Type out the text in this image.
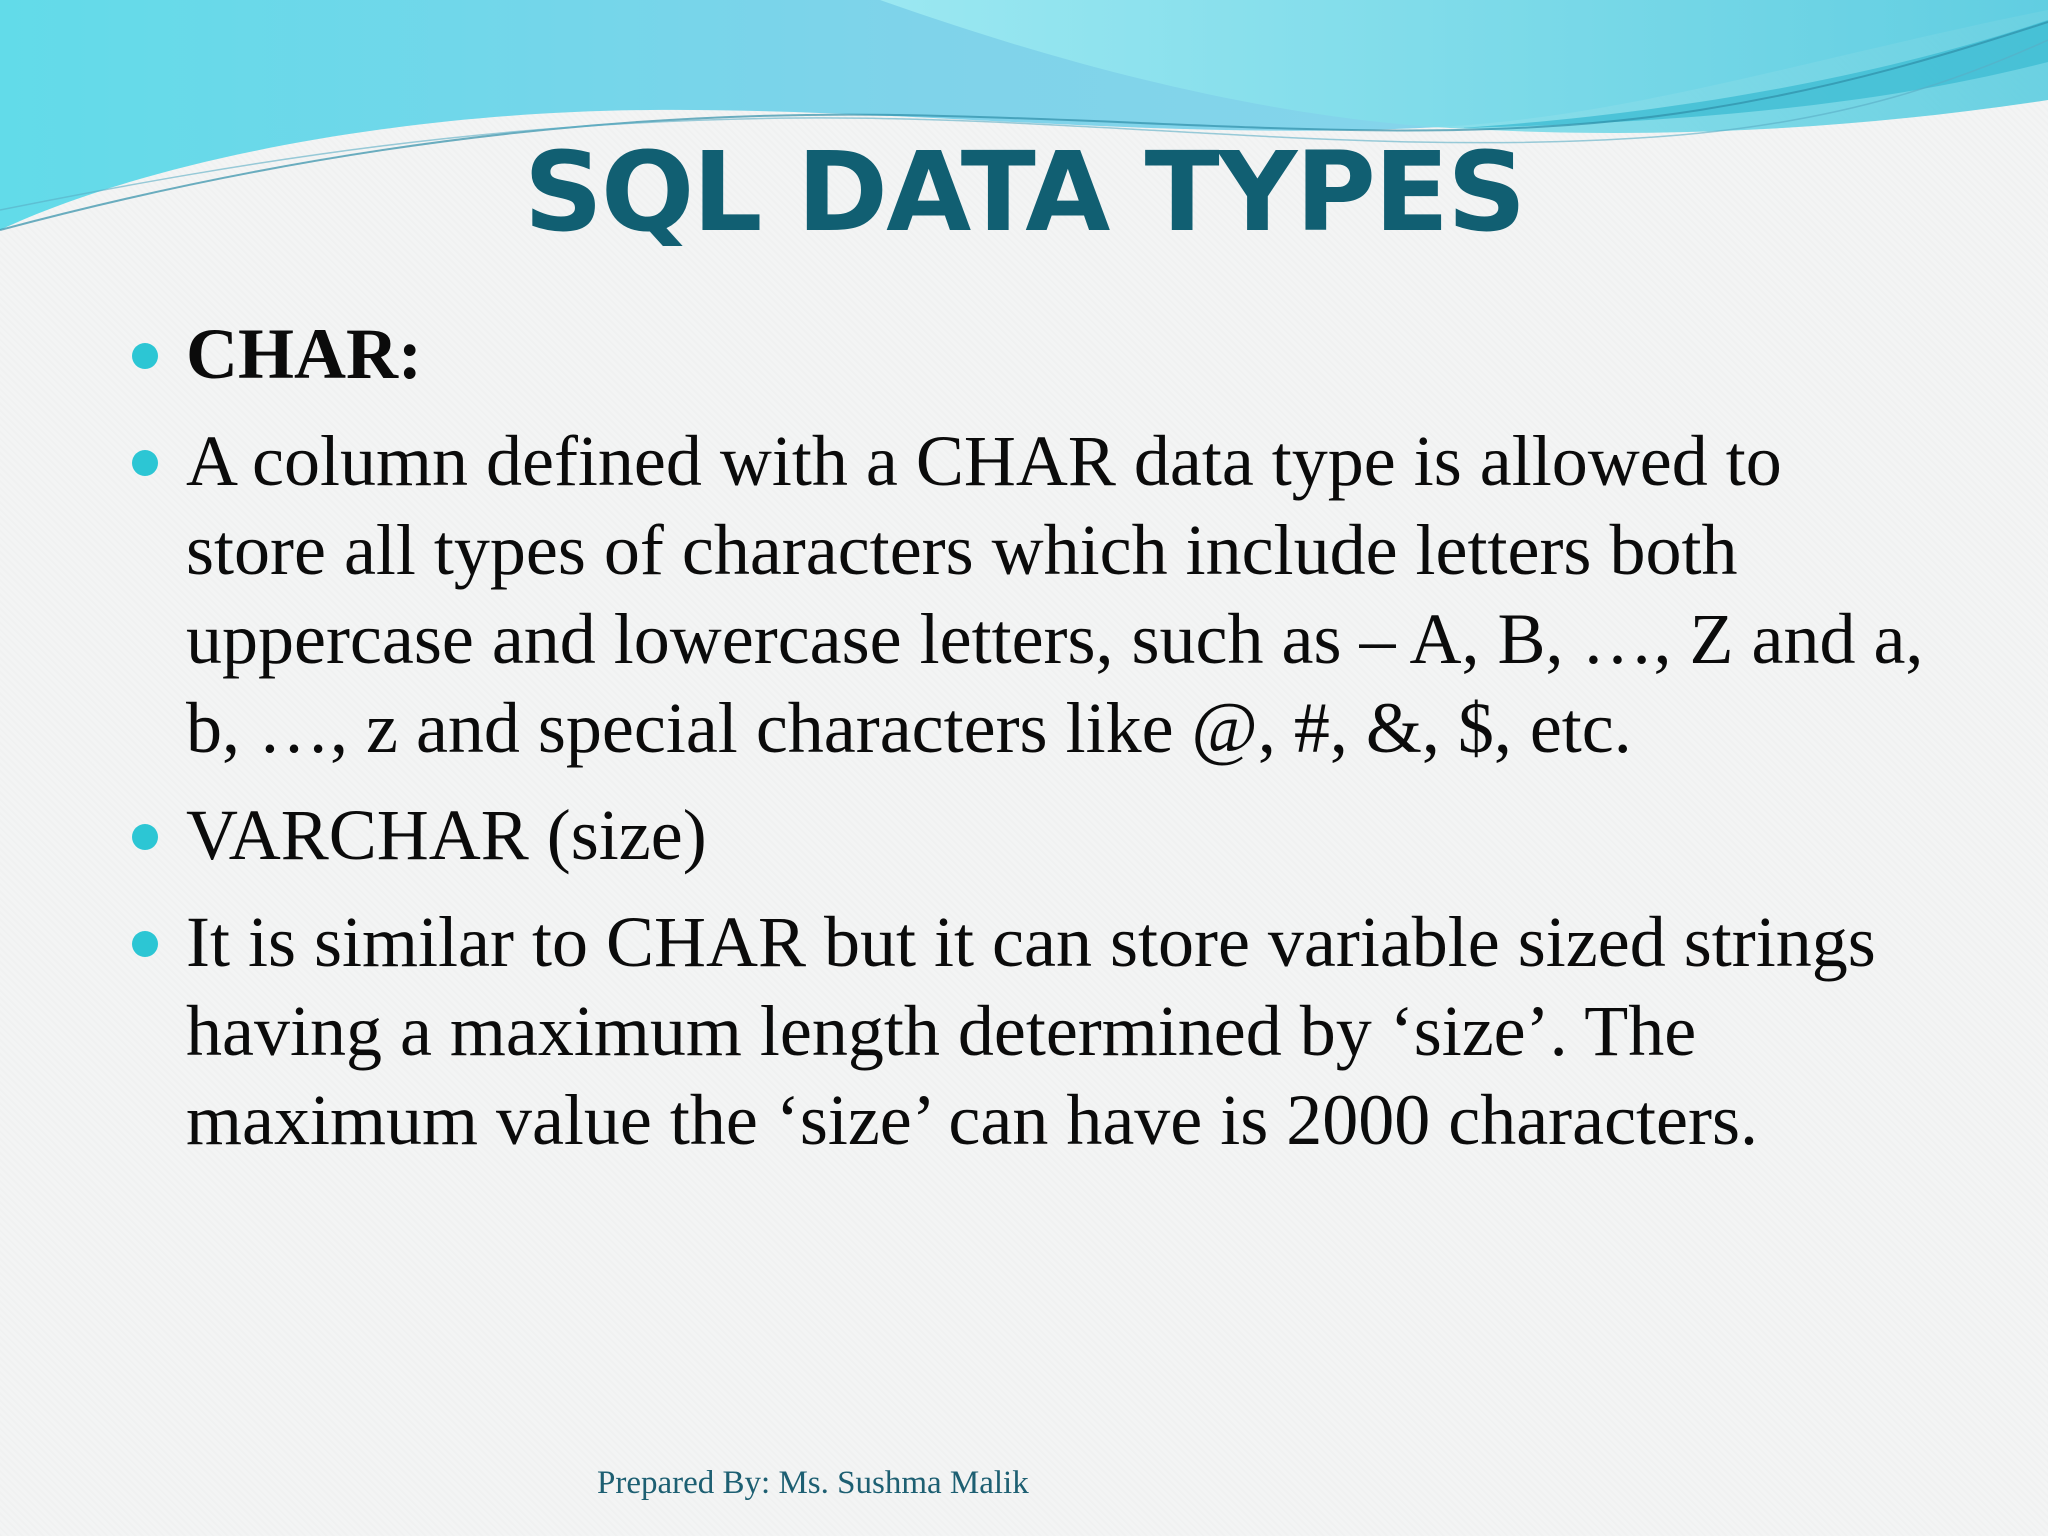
SQL DATA TYPES
CHAR:
A column defined with a CHAR data type is allowed to store all types of characters which include letters both uppercase and lowercase letters, such as – A, B, …, Z and a, b, …, z and special characters like @, #, &, $, etc.
VARCHAR (size)
It is similar to CHAR but it can store variable sized strings having a maximum length determined by ‘size’. The maximum value the ‘size’ can have is 2000 characters.
Prepared By: Ms. Sushma Malik
